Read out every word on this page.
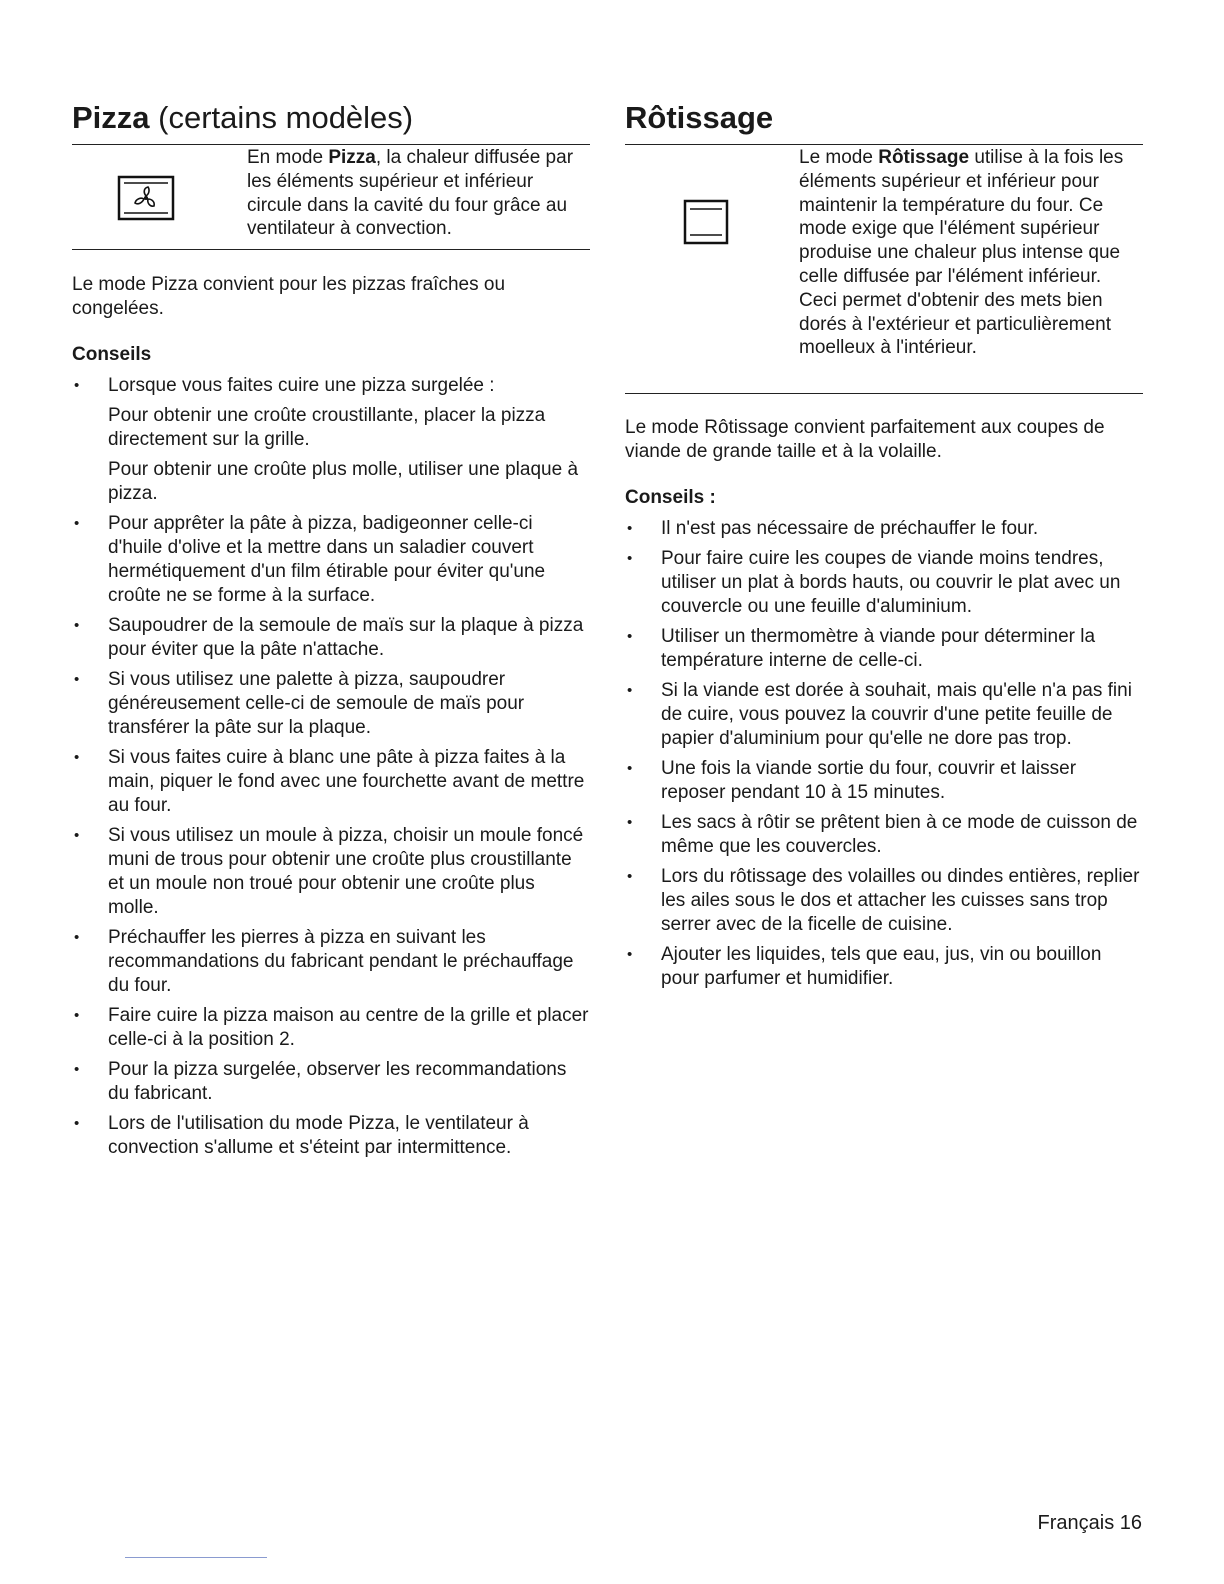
Pizza (certains modèles)
En mode Pizza, la chaleur diffusée par les éléments supérieur et inférieur circule dans la cavité du four grâce au ventilateur à convection.

Le mode Pizza convient pour les pizzas fraîches ou congelées.

Conseils

• Lorsque vous faites cuire une pizza surgelée :

Pour obtenir une croûte croustillante, placer la pizza directement sur la grille.

Pour obtenir une croûte plus molle, utiliser une plaque à pizza.

• Pour apprêter la pâte à pizza, badigeonner celle-ci d'huile d'olive et la mettre dans un saladier couvert hermétiquement d'un film étirable pour éviter qu'une croûte ne se forme à la surface.
• Saupoudrer de la semoule de maïs sur la plaque à pizza pour éviter que la pâte n'attache.
• Si vous utilisez une palette à pizza, saupoudrer généreusement celle-ci de semoule de maïs pour transférer la pâte sur la plaque.
• Si vous faites cuire à blanc une pâte à pizza faites à la main, piquer le fond avec une fourchette avant de mettre au four.
• Si vous utilisez un moule à pizza, choisir un moule foncé muni de trous pour obtenir une croûte plus croustillante et un moule non troué pour obtenir une croûte plus molle.
• Préchauffer les pierres à pizza en suivant les recommandations du fabricant pendant le préchauffage du four.
• Faire cuire la pizza maison au centre de la grille et placer celle-ci à la position 2.
• Pour la pizza surgelée, observer les recommandations du fabricant.
• Lors de l'utilisation du mode Pizza, le ventilateur à convection s'allume et s'éteint par intermittence.
Rôtissage
Le mode Rôtissage utilise à la fois les éléments supérieur et inférieur pour maintenir la température du four. Ce mode exige que l'élément supérieur produise une chaleur plus intense que celle diffusée par l'élément inférieur. Ceci permet d'obtenir des mets bien dorés à l'extérieur et particulièrement moelleux à l'intérieur.

Le mode Rôtissage convient parfaitement aux coupes de viande de grande taille et à la volaille.

Conseils :

• Il n'est pas nécessaire de préchauffer le four.
• Pour faire cuire les coupes de viande moins tendres, utiliser un plat à bords hauts, ou couvrir le plat avec un couvercle ou une feuille d'aluminium.
• Utiliser un thermomètre à viande pour déterminer la température interne de celle-ci.
• Si la viande est dorée à souhait, mais qu'elle n'a pas fini de cuire, vous pouvez la couvrir d'une petite feuille de papier d'aluminium pour qu'elle ne dore pas trop.
• Une fois la viande sortie du four, couvrir et laisser reposer pendant 10 à 15 minutes.
• Les sacs à rôtir se prêtent bien à ce mode de cuisson de même que les couvercles.
• Lors du rôtissage des volailles ou dindes entières, replier les ailes sous le dos et attacher les cuisses sans trop serrer avec de la ficelle de cuisine.
• Ajouter les liquides, tels que eau, jus, vin ou bouillon pour parfumer et humidifier.
Français 16
